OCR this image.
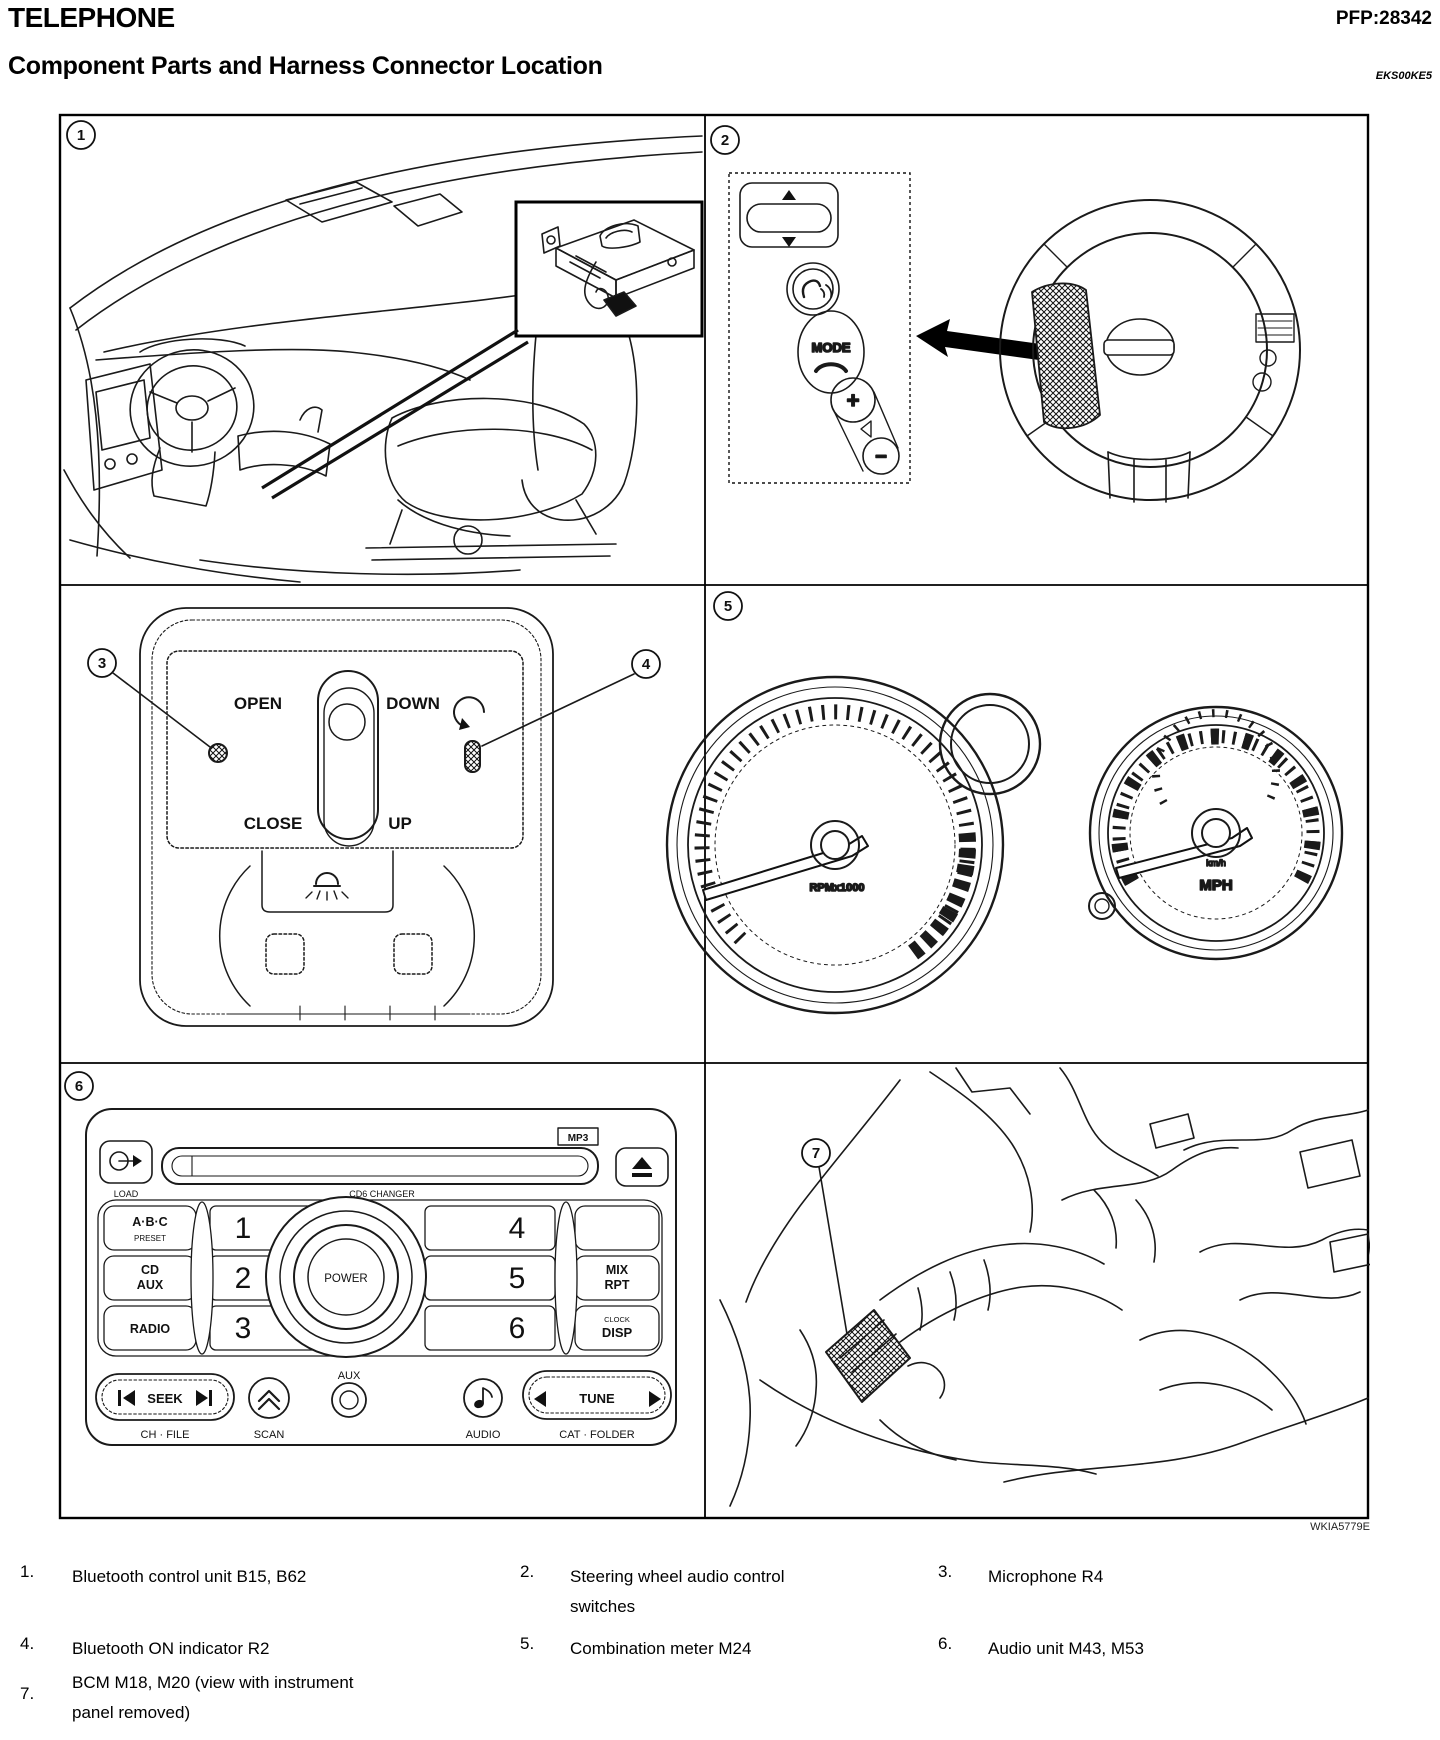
TELEPHONE	PFP:28342
Component Parts and Harness Connector Location	EKS00KE5
1	2
MODE
+
−
3	4
OPEN	DOWN
CLOSE	UP
5
RPMx1000
km/h
MPH
6
LOAD
MP3
CD6 CHANGER
A·B·C
PRESET
CD
AUX
RADIO
1
2
3
4
5
6
POWER
MIX
RPT
CLOCK
DISP
SEEK
CH · FILE	SCAN
AUX
AUDIO
TUNE
CAT · FOLDER
7
WKIA5779E
1. Bluetooth control unit B15, B62	2. Steering wheel audio control
switches
3. Microphone R4
4. Bluetooth ON indicator R2	5. Combination meter M24	6. Audio unit M43, M53
7.
BCM M18, M20 (view with instrument
panel removed)
